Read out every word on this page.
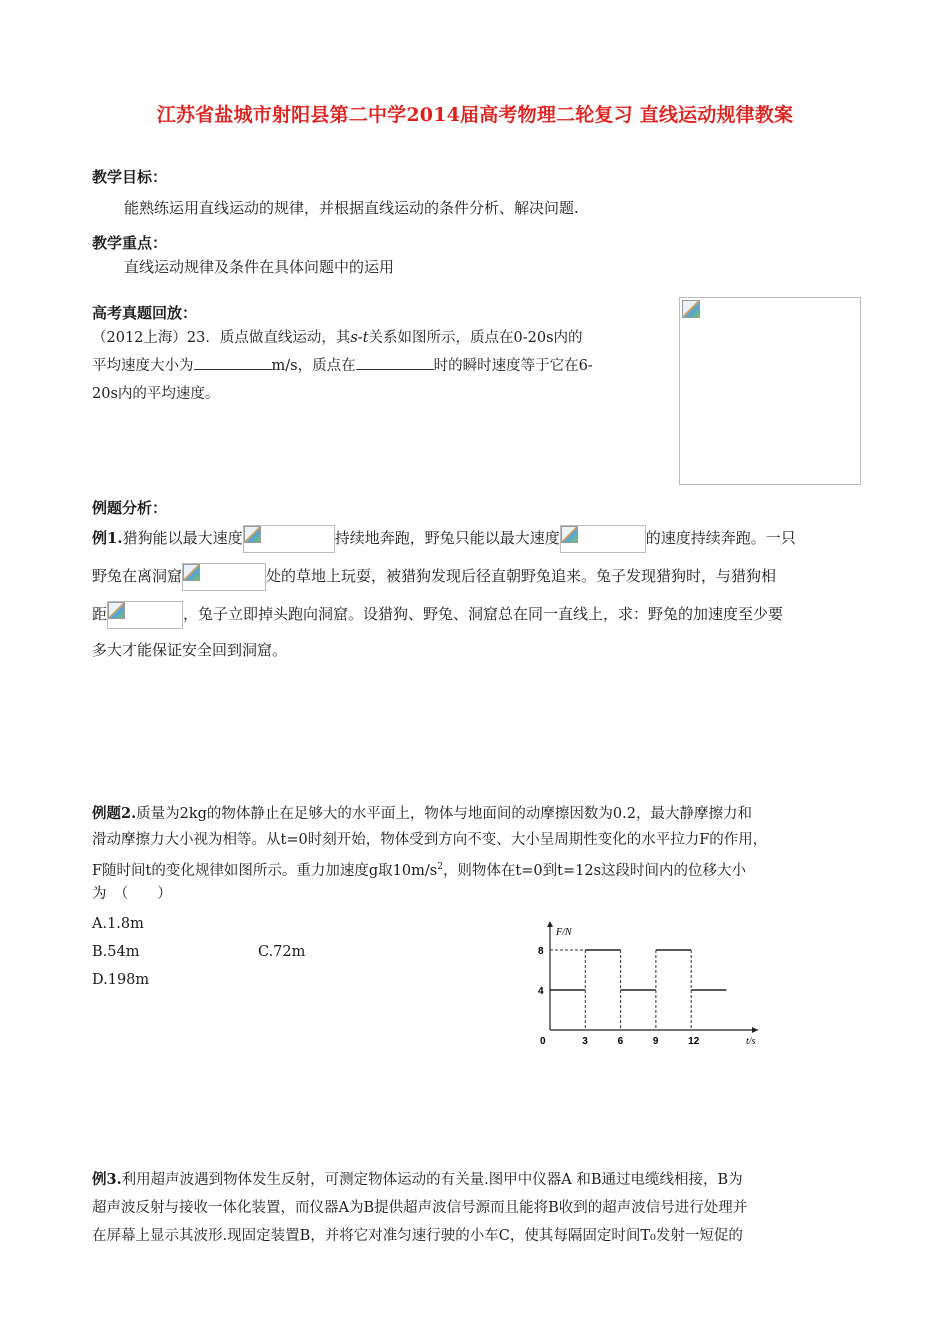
江苏省盐城市射阳县第二中学2014届高考物理二轮复习 直线运动规律教案
教学目标：
能熟练运用直线运动的规律，并根据直线运动的条件分析、解决问题.
教学重点：
直线运动规律及条件在具体问题中的运用
高考真题回放：
（2012上海）23．质点做直线运动，其s-t关系如图所示，质点在0-20s内的
平均速度大小为	m/s，质点在	时的瞬时速度等于它在6-
20s内的平均速度。
例题分析：
例1.猎狗能以最大速度	持续地奔跑，野兔只能以最大速度	的速度持续奔跑。一只
野兔在离洞窟	处的草地上玩耍，被猎狗发现后径直朝野兔追来。兔子发现猎狗时，与猎狗相
距	，兔子立即掉头跑向洞窟。设猎狗、野兔、洞窟总在同一直线上，求：野兔的加速度至少要
多大才能保证安全回到洞窟。
例题2.质量为2kg的物体静止在足够大的水平面上，物体与地面间的动摩擦因数为0.2，最大静摩擦力和
滑动摩擦力大小视为相等。从t=0时刻开始，物体受到方向不变、大小呈周期性变化的水平拉力F的作用，
F随时间t的变化规律如图所示。重力加速度g取$10m/s^2$，则物体在t=0到t=12s这段时间内的位移大小
为　（　　）
A.1.8m
B.54m	C.72m
D.198m
F/N
t/s
4
8
0	3	6	9	12
例3.利用超声波遇到物体发生反射，可测定物体运动的有关量.图甲中仪器A 和B通过电缆线相接，B为
超声波反射与接收一体化装置，而仪器A为B提供超声波信号源而且能将B收到的超声波信号进行处理并
在屏幕上显示其波形.现固定装置B，并将它对准匀速行驶的小车C，使其每隔固定时间T₀发射一短促的
